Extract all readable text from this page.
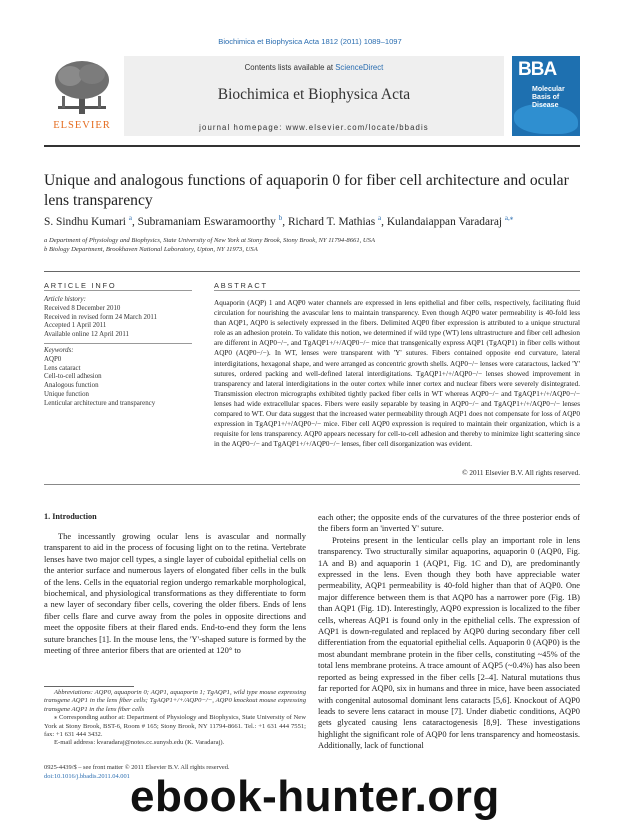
Biochimica et Biophysica Acta 1812 (2011) 1089–1097
ELSEVIER
Contents lists available at ScienceDirect
Biochimica et Biophysica Acta
journal homepage: www.elsevier.com/locate/bbadis
BBA
Molecular Basis of Disease
Unique and analogous functions of aquaporin 0 for fiber cell architecture and ocular lens transparency
S. Sindhu Kumari $^a$, Subramaniam Eswaramoorthy $^b$, Richard T. Mathias $^a$, Kulandaiappan Varadaraj $^{a,⁎}$
a Department of Physiology and Biophysics, State University of New York at Stony Brook, Stony Brook, NY 11794-8661, USA
b Biology Department, Brookhaven National Laboratory, Upton, NY 11973, USA
ARTICLE INFO	ABSTRACT
Article history:
Received 8 December 2010
Received in revised form 24 March 2011
Accepted 1 April 2011
Available online 12 April 2011
Keywords:
AQP0
Lens cataract
Cell-to-cell adhesion
Analogous function
Unique function
Lenticular architecture and transparency
Aquaporin (AQP) 1 and AQP0 water channels are expressed in lens epithelial and fiber cells, respectively, facilitating fluid circulation for nourishing the avascular lens to maintain transparency. Even though AQP0 water permeability is 40-fold less than AQP1, AQP0 is selectively expressed in the fibers. Delimited AQP0 fiber expression is attributed to a unique structural role as an adhesion protein. To validate this notion, we determined if wild type (WT) lens ultrastructure and fiber cell adhesion are different in AQP0−/−, and TgAQP1+/+/AQP0−/− mice that transgenically express AQP1 (TgAQP1) in fiber cells without AQP0 (AQP0−/−). In WT, lenses were transparent with 'Y' sutures. Fibers contained opposite end curvature, lateral interdigitations, hexagonal shape, and were arranged as concentric growth shells. AQP0−/− lenses were cataractous, lacked 'Y' sutures, ordered packing and well-defined lateral interdigitations. TgAQP1+/+/AQP0−/− lenses showed improvement in transparency and lateral interdigitations in the outer cortex while inner cortex and nuclear fibers were severely disintegrated. Transmission electron micrographs exhibited tightly packed fiber cells in WT whereas AQP0−/− and TgAQP1+/+/AQP0−/− lenses had wide extracellular spaces. Fibers were easily separable by teasing in AQP0−/− and TgAQP1+/+/AQP0−/− lenses compared to WT. Our data suggest that the increased water permeability through AQP1 does not compensate for loss of AQP0 expression in TgAQP1+/+/AQP0−/− mice. Fiber cell AQP0 expression is required to maintain their organization, which is a requisite for lens transparency. AQP0 appears necessary for cell-to-cell adhesion and thereby to minimize light scattering since in the AQP0−/− and TgAQP1+/+/AQP0−/− lenses, fiber cell disorganization was evident.
© 2011 Elsevier B.V. All rights reserved.
1. Introduction
The incessantly growing ocular lens is avascular and normally transparent to aid in the process of focusing light on to the retina. Vertebrate lenses have two major cell types, a single layer of cuboidal epithelial cells on the anterior surface and numerous layers of elongated fiber cells in the bulk of the lens. Cells in the equatorial region undergo remarkable morphological, biochemical, and physiological transformations as they differentiate to form a new layer of secondary fiber cells, covering the older fibers. Ends of lens fiber cells flare and curve away from the poles in opposite directions and meet the opposite fibers at their flared ends. End-to-end they form the lens suture branches [1]. In the mouse lens, the 'Y'-shaped suture is formed by the meeting of three anterior fibers that are oriented at 120° to
each other; the opposite ends of the curvatures of the three posterior ends of the fibers form an 'inverted Y' suture.
Proteins present in the lenticular cells play an important role in lens transparency. Two structurally similar aquaporins, aquaporin 0 (AQP0, Fig. 1A and B) and aquaporin 1 (AQP1, Fig. 1C and D), are predominantly expressed in the lens. Even though they both have appreciable water permeability, AQP1 permeability is 40-fold higher than that of AQP0. One major difference between them is that AQP0 has a narrower pore (Fig. 1B) than AQP1 (Fig. 1D). Interestingly, AQP0 expression is localized to the fiber cells, whereas AQP1 is found only in the epithelial cells. The expression of AQP1 is down-regulated and replaced by AQP0 during secondary fiber cell differentiation from the equatorial epithelial cells. Aquaporin 0 (AQP0) is the most abundant membrane protein in the fiber cells, constituting ~45% of the total lens membrane proteins. A trace amount of AQP5 (~0.4%) has also been reported as being expressed in the fiber cells [2–4]. Natural mutations thus far reported for AQP0, six in humans and three in mice, have been associated with congenital autosomal dominant lens cataracts [5,6]. Knockout of AQP0 leads to severe lens cataract in mouse [7]. Under diabetic conditions, AQP0 gets glycated causing lens cataractogenesis [8,9]. These investigations highlight the significant role of AQP0 for lens transparency and homeostasis. Additionally, lack of functional
Abbreviations: AQP0, aquaporin 0; AQP1, aquaporin 1; TgAQP1, wild type mouse expressing transgene AQP1 in the lens fiber cells; TgAQP1+/+/AQP0−/−, AQP0 knockout mouse expressing transgene AQP1 in the lens fiber cells
⁎ Corresponding author at: Department of Physiology and Biophysics, State University of New York at Stony Brook, BST-6, Room # 165; Stony Brook, NY 11794-8661. Tel.: +1 631 444 7551; fax: +1 631 444 3432.
E-mail address: kvaradaraj@notes.cc.sunysb.edu (K. Varadaraj).
0925-4439/$ – see front matter © 2011 Elsevier B.V. All rights reserved.
doi:10.1016/j.bbadis.2011.04.001 ebook-hunter.org
